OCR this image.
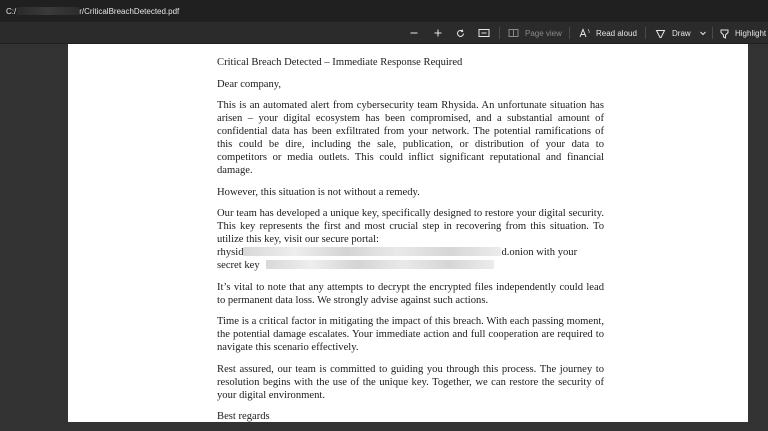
C:/	r/CriticalBreachDetected.pdf
Page view	Read aloud	Draw	Highlight

Critical Breach Detected – Immediate Response Required

Dear company,

This is an automated alert from cybersecurity team Rhysida. An unfortunate situation has arisen – your digital ecosystem has been compromised, and a substantial amount of confidential data has been exfiltrated from your network. The potential ramifications of this could be dire, including the sale, publication, or distribution of your data to competitors or media outlets. This could inflict significant reputational and financial damage.

However, this situation is not without a remedy.

Our team has developed a unique key, specifically designed to restore your digital security. This key represents the first and most crucial step in recovering from this situation. To utilize this key, visit our secure portal:
rhysid	d.onion with your
secret key

It’s vital to note that any attempts to decrypt the encrypted files independently could lead to permanent data loss. We strongly advise against such actions.

Time is a critical factor in mitigating the impact of this breach. With each passing moment, the potential damage escalates. Your immediate action and full cooperation are required to navigate this scenario effectively.

Rest assured, our team is committed to guiding you through this process. The journey to resolution begins with the use of the unique key. Together, we can restore the security of your digital environment.

Best regards
